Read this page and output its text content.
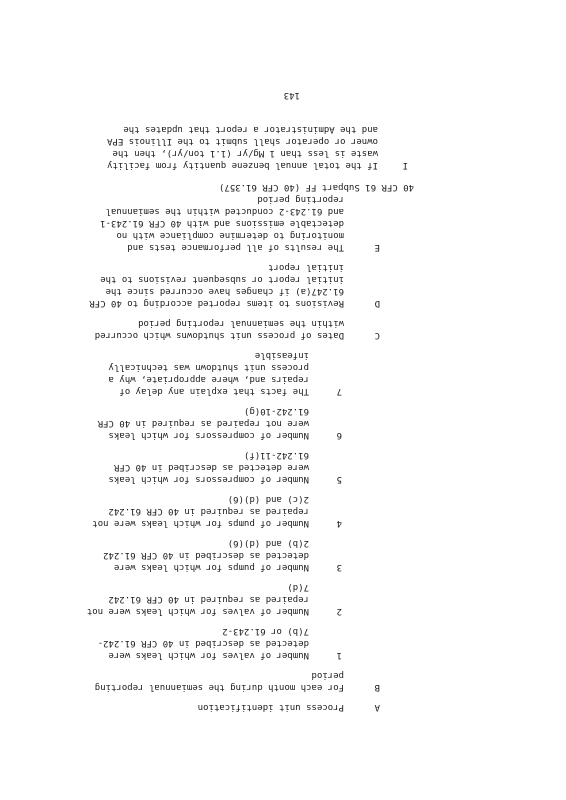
143
A
Process unit identification
B
For each month during the semiannual reporting
period
1
Number of valves for which leaks were
detected as described in 40 CFR 61.242-
7(b) or 61.243-2
2
Number of valves for which leaks were not
repaired as required in 40 CFR 61.242
7(d)
3
Number of pumps for which leaks were
detected as described in 40 CFR 61.242
2(b) and (d)(6)
4
Number of pumps for which leaks were not
repaired as required in 40 CFR 61.242
2(c) and (d)(6)
5
Number of compressors for which leaks
were detected as described in 40 CFR
61.242-11(f)
6
Number of compressors for which leaks
were not repaired as required in 40 CFR
61.242-10(g)
7
The facts that explain any delay of
repairs and, where appropriate, why a
process unit shutdown was technically
infeasible
C
Dates of process unit shutdowns which occurred
within the semiannual reporting period
D
Revisions to items reported according to 40 CFR
61.247(a) if changes have occurred since the
initial report or subsequent revisions to the
initial report
E
The results of all performance tests and
monitoring to determine compliance with no
detectable emissions and with 40 CFR 61.243-1
and 61.243-2 conducted within the semiannual
reporting period
40 CFR 61 Subpart FF (40 CFR 61.357)
I
If the total annual benzene quantity from facility
waste is less than 1 Mg/yr (1.1 ton/yr), then the
owner or operator shall submit to the Illinois EPA
and the Administrator a report that updates the
